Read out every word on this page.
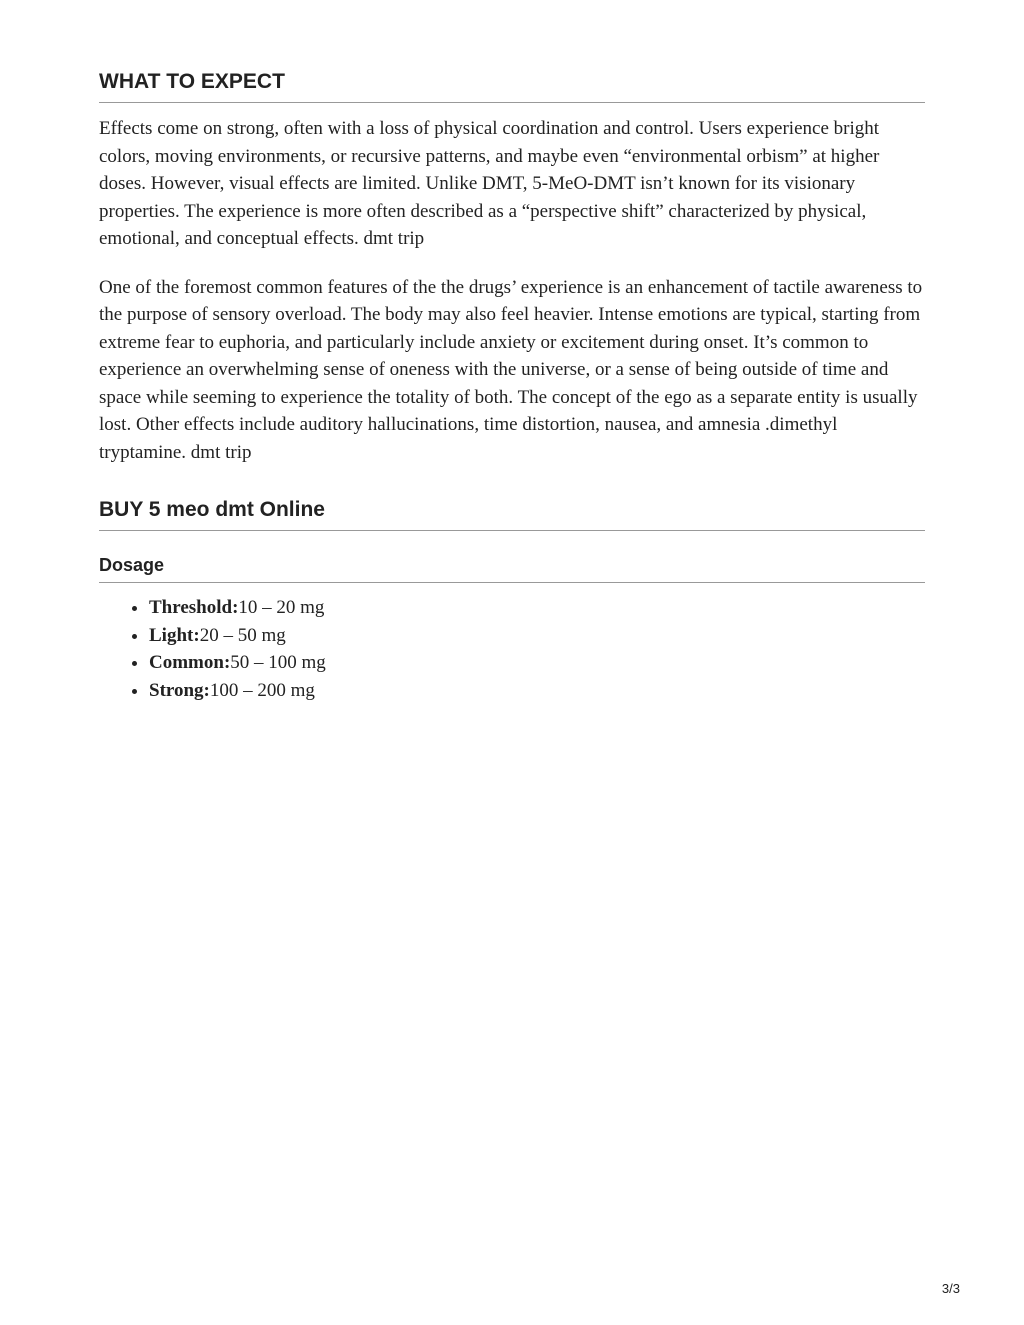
WHAT TO EXPECT

Effects come on strong, often with a loss of physical coordination and control. Users experience bright colors, moving environments, or recursive patterns, and maybe even “environmental orbism” at higher doses. However, visual effects are limited. Unlike DMT, 5-MeO-DMT isn’t known for its visionary properties. The experience is more often described as a “perspective shift” characterized by physical, emotional, and conceptual effects. dmt trip

One of the foremost common features of the the drugs’ experience is an enhancement of tactile awareness to the purpose of sensory overload. The body may also feel heavier. Intense emotions are typical, starting from extreme fear to euphoria, and particularly include anxiety or excitement during onset. It’s common to experience an overwhelming sense of oneness with the universe, or a sense of being outside of time and space while seeming to experience the totality of both. The concept of the ego as a separate entity is usually lost. Other effects include auditory hallucinations, time distortion, nausea, and amnesia .dimethyl tryptamine. dmt trip

BUY 5 meo dmt Online
Dosage
• Threshold:10 – 20 mg
• Light:20 – 50 mg
• Common:50 – 100 mg
• Strong:100 – 200 mg
3/3
